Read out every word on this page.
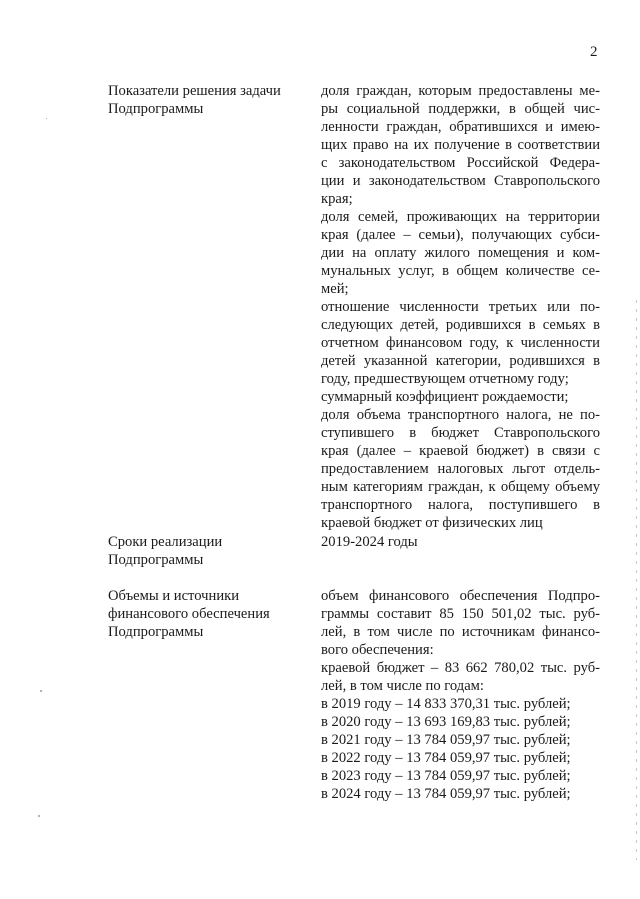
2
Показатели решения задачи
Подпрограммы

доля граждан, которым предоставлены ме-

ры социальной поддержки, в общей чис-

ленности граждан, обратившихся и имею-

щих право на их получение в соответствии

с законодательством Российской Федера-

ции и законодательством Ставропольского

края;

доля семей, проживающих на территории

края (далее – семьи), получающих субси-

дии на оплату жилого помещения и ком-

мунальных услуг, в общем количестве се-

мей;

отношение численности третьих или по-

следующих детей, родившихся в семьях в

отчетном финансовом году, к численности

детей указанной категории, родившихся в

году, предшествующем отчетному году;

суммарный коэффициент рождаемости;

доля объема транспортного налога, не по-

ступившего в бюджет Ставропольского

края (далее – краевой бюджет) в связи с

предоставлением налоговых льгот отдель-

ным категориям граждан, к общему объему

транспортного налога, поступившего в

краевой бюджет от физических лиц

Сроки реализации
Подпрограммы

2019-2024 годы

Объемы и источники
финансового обеспечения
Подпрограммы

объем финансового обеспечения Подпро-

граммы составит 85 150 501,02 тыс. руб-

лей, в том числе по источникам финансо-

вого обеспечения:

краевой бюджет – 83 662 780,02 тыс. руб-

лей, в том числе по годам:

в 2019 году – 14 833 370,31 тыс. рублей;

в 2020 году – 13 693 169,83 тыс. рублей;

в 2021 году – 13 784 059,97 тыс. рублей;

в 2022 году – 13 784 059,97 тыс. рублей;

в 2023 году – 13 784 059,97 тыс. рублей;

в 2024 году – 13 784 059,97 тыс. рублей;
